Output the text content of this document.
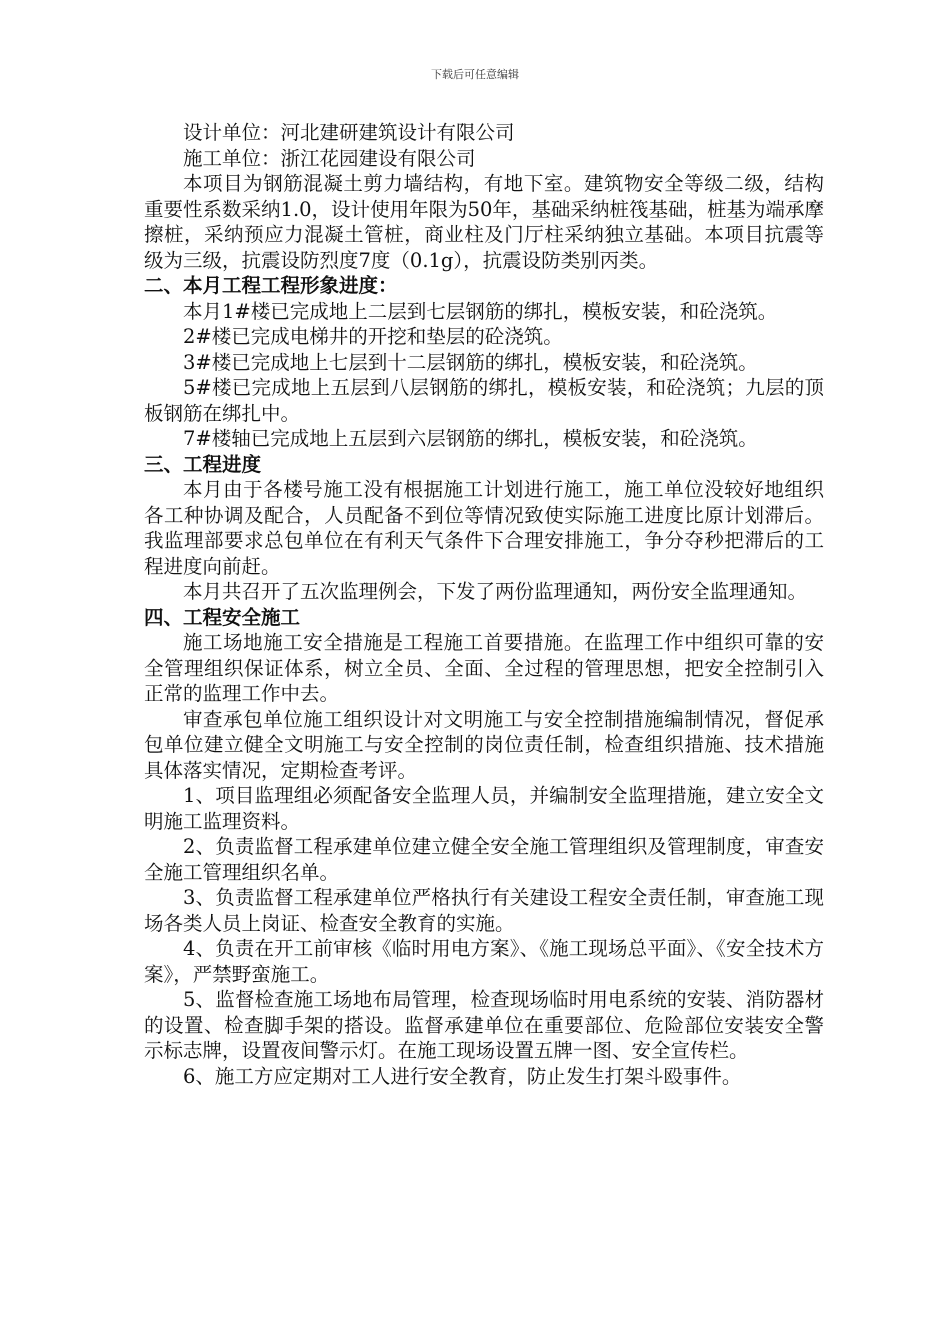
下载后可任意编辑

设计单位：河北建研建筑设计有限公司

施工单位：浙江花园建设有限公司

本项目为钢筋混凝土剪力墙结构，有地下室。建筑物安全等级二级，结构重要性系数采纳1.0，设计使用年限为50年，基础采纳桩筏基础，桩基为端承摩擦桩，采纳预应力混凝土管桩，商业柱及门厅柱采纳独立基础。本项目抗震等级为三级，抗震设防烈度7度（0.1g），抗震设防类别丙类。

二、本月工程工程形象进度：

本月1#楼已完成地上二层到七层钢筋的绑扎，模板安装，和砼浇筑。

2#楼已完成电梯井的开挖和垫层的砼浇筑。

3#楼已完成地上七层到十二层钢筋的绑扎，模板安装，和砼浇筑。

5#楼已完成地上五层到八层钢筋的绑扎，模板安装，和砼浇筑；九层的顶板钢筋在绑扎中。

7#楼轴已完成地上五层到六层钢筋的绑扎，模板安装，和砼浇筑。

三、工程进度

本月由于各楼号施工没有根据施工计划进行施工，施工单位没较好地组织各工种协调及配合，人员配备不到位等情况致使实际施工进度比原计划滞后。我监理部要求总包单位在有利天气条件下合理安排施工，争分夺秒把滞后的工程进度向前赶。

本月共召开了五次监理例会，下发了两份监理通知，两份安全监理通知。

四、工程安全施工

施工场地施工安全措施是工程施工首要措施。在监理工作中组织可靠的安全管理组织保证体系，树立全员、全面、全过程的管理思想，把安全控制引入正常的监理工作中去。

审查承包单位施工组织设计对文明施工与安全控制措施编制情况，督促承包单位建立健全文明施工与安全控制的岗位责任制，检查组织措施、技术措施具体落实情况，定期检查考评。

1、项目监理组必须配备安全监理人员，并编制安全监理措施，建立安全文明施工监理资料。

2、负责监督工程承建单位建立健全安全施工管理组织及管理制度，审查安全施工管理组织名单。

3、负责监督工程承建单位严格执行有关建设工程安全责任制，审查施工现场各类人员上岗证、检查安全教育的实施。

4、负责在开工前审核《临时用电方案》、《施工现场总平面》、《安全技术方案》，严禁野蛮施工。

5、监督检查施工场地布局管理，检查现场临时用电系统的安装、消防器材的设置、检查脚手架的搭设。监督承建单位在重要部位、危险部位安装安全警示标志牌，设置夜间警示灯。在施工现场设置五牌一图、安全宣传栏。

6、施工方应定期对工人进行安全教育，防止发生打架斗殴事件。
